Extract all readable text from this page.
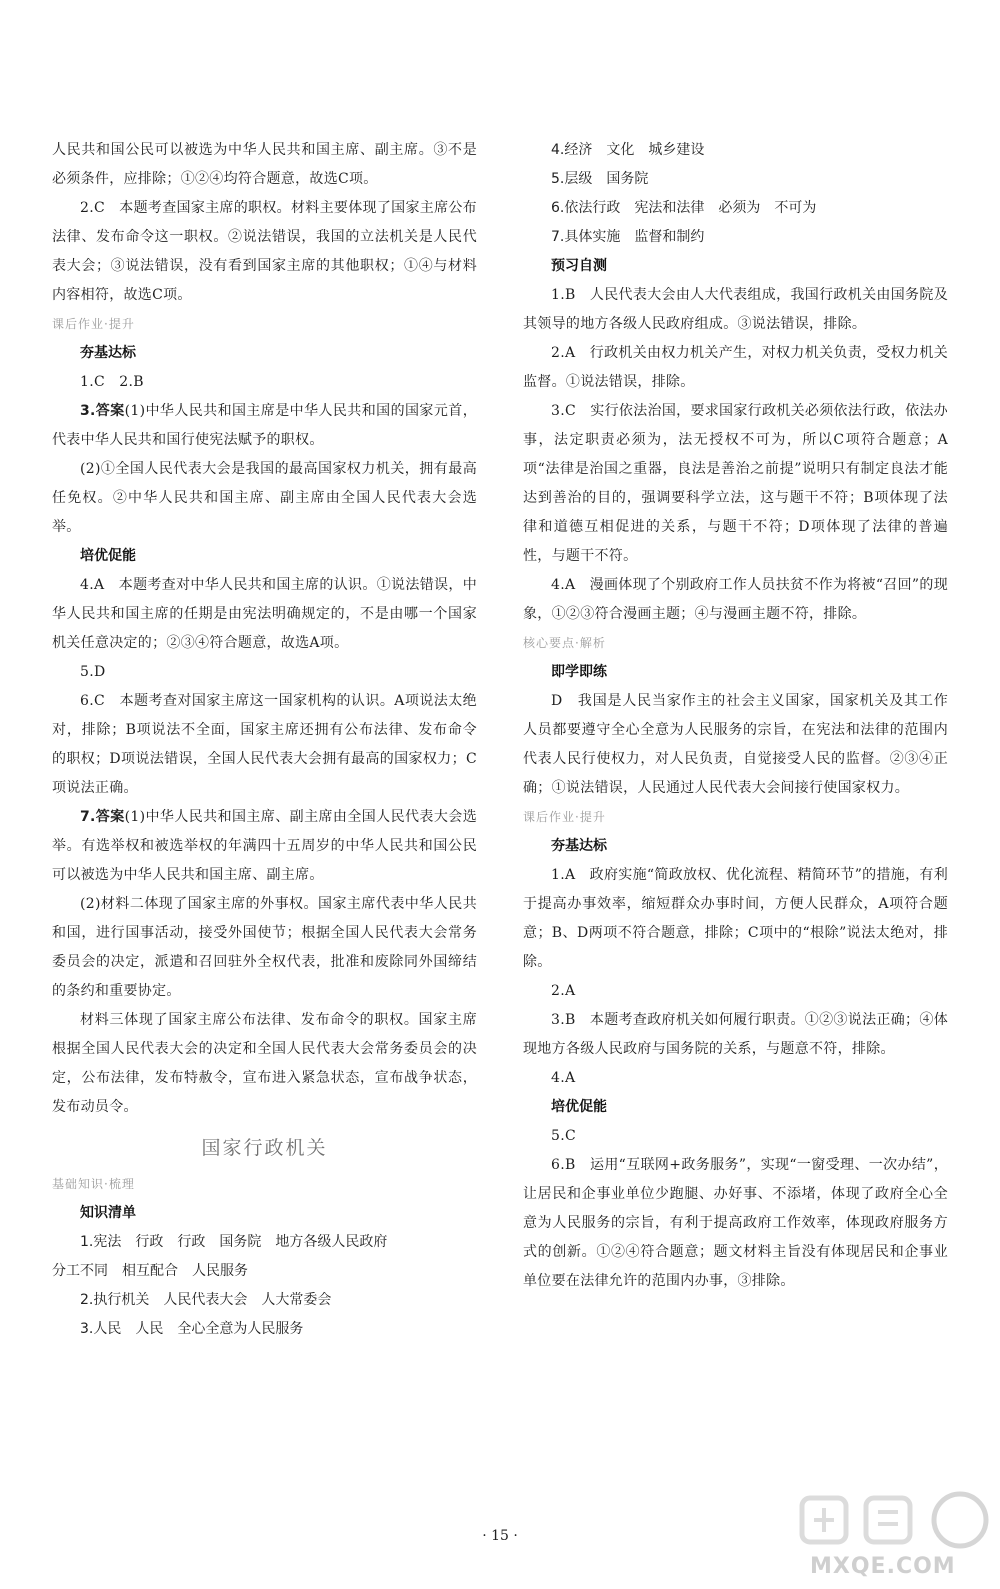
人民共和国公民可以被选为中华人民共和国主席、副主席。③不是必须条件，应排除；①②④均符合题意，故选C项。

2.C　本题考查国家主席的职权。材料主要体现了国家主席公布法律、发布命令这一职权。②说法错误，我国的立法机关是人民代表大会；③说法错误，没有看到国家主席的其他职权；①④与材料内容相符，故选C项。

课后作业·提升

夯基达标

1.C　2.B

3.答案(1)中华人民共和国主席是中华人民共和国的国家元首，代表中华人民共和国行使宪法赋予的职权。

(2)①全国人民代表大会是我国的最高国家权力机关，拥有最高任免权。②中华人民共和国主席、副主席由全国人民代表大会选举。

培优促能

4.A　本题考查对中华人民共和国主席的认识。①说法错误，中华人民共和国主席的任期是由宪法明确规定的，不是由哪一个国家机关任意决定的；②③④符合题意，故选A项。

5.D

6.C　本题考查对国家主席这一国家机构的认识。A项说法太绝对，排除；B项说法不全面，国家主席还拥有公布法律、发布命令的职权；D项说法错误，全国人民代表大会拥有最高的国家权力；C项说法正确。

7.答案(1)中华人民共和国主席、副主席由全国人民代表大会选举。有选举权和被选举权的年满四十五周岁的中华人民共和国公民可以被选为中华人民共和国主席、副主席。

(2)材料二体现了国家主席的外事权。国家主席代表中华人民共和国，进行国事活动，接受外国使节；根据全国人民代表大会常务委员会的决定，派遣和召回驻外全权代表，批准和废除同外国缔结的条约和重要协定。

材料三体现了国家主席公布法律、发布命令的职权。国家主席根据全国人民代表大会的决定和全国人民代表大会常务委员会的决定，公布法律，发布特赦令，宣布进入紧急状态，宣布战争状态，发布动员令。

国家行政机关

基础知识·梳理

知识清单

1.宪法　行政　行政　国务院　地方各级人民政府

分工不同　相互配合　人民服务

2.执行机关　人民代表大会　人大常委会

3.人民　人民　全心全意为人民服务

4.经济　文化　城乡建设

5.层级　国务院

6.依法行政　宪法和法律　必须为　不可为

7.具体实施　监督和制约

预习自测

1.B　人民代表大会由人大代表组成，我国行政机关由国务院及其领导的地方各级人民政府组成。③说法错误，排除。

2.A　行政机关由权力机关产生，对权力机关负责，受权力机关监督。①说法错误，排除。

3.C　实行依法治国，要求国家行政机关必须依法行政，依法办事，法定职责必须为，法无授权不可为，所以C项符合题意；A项“法律是治国之重器，良法是善治之前提”说明只有制定良法才能达到善治的目的，强调要科学立法，这与题干不符；B项体现了法律和道德互相促进的关系，与题干不符；D项体现了法律的普遍性，与题干不符。

4.A　漫画体现了个别政府工作人员扶贫不作为将被“召回”的现象，①②③符合漫画主题；④与漫画主题不符，排除。

核心要点·解析

即学即练

D　我国是人民当家作主的社会主义国家，国家机关及其工作人员都要遵守全心全意为人民服务的宗旨，在宪法和法律的范围内代表人民行使权力，对人民负责，自觉接受人民的监督。②③④正确；①说法错误，人民通过人民代表大会间接行使国家权力。

课后作业·提升

夯基达标

1.A　政府实施“简政放权、优化流程、精简环节”的措施，有利于提高办事效率，缩短群众办事时间，方便人民群众，A项符合题意；B、D两项不符合题意，排除；C项中的“根除”说法太绝对，排除。

2.A

3.B　本题考查政府机关如何履行职责。①②③说法正确；④体现地方各级人民政府与国务院的关系，与题意不符，排除。

4.A

培优促能

5.C

6.B　运用“互联网+政务服务”，实现“一窗受理、一次办结”，让居民和企事业单位少跑腿、办好事、不添堵，体现了政府全心全意为人民服务的宗旨，有利于提高政府工作效率，体现政府服务方式的创新。①②④符合题意；题文材料主旨没有体现居民和企事业单位要在法律允许的范围内办事，③排除。

· 15 ·
MXQE.COM
